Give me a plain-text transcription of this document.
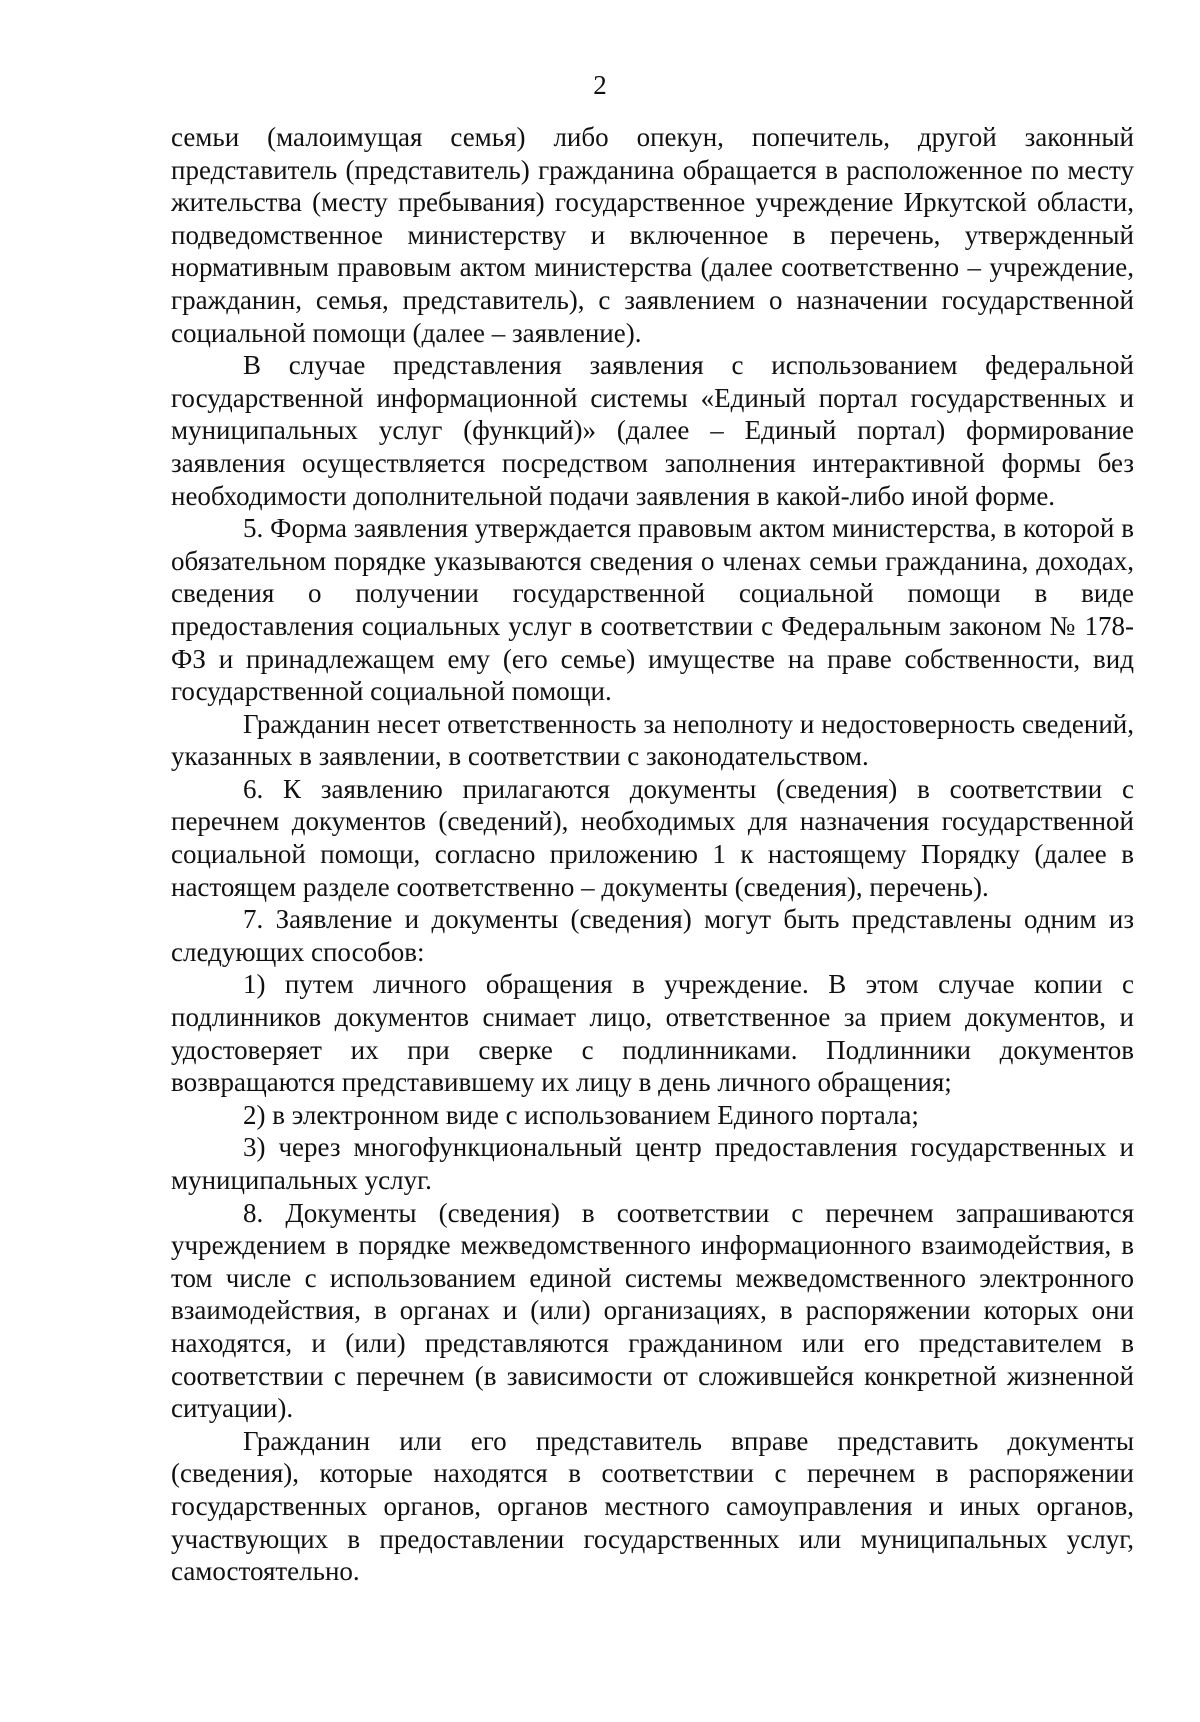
2

семьи (малоимущая семья) либо опекун, попечитель, другой законный представитель (представитель) гражданина обращается в расположенное по месту жительства (месту пребывания) государственное учреждение Иркутской области, подведомственное министерству и включенное в перечень, утвержденный нормативным правовым актом министерства (далее соответственно – учреждение, гражданин, семья, представитель), с заявлением о назначении государственной социальной помощи (далее – заявление).

В случае представления заявления с использованием федеральной государственной информационной системы «Единый портал государственных и муниципальных услуг (функций)» (далее – Единый портал) формирование заявления осуществляется посредством заполнения интерактивной формы без необходимости дополнительной подачи заявления в какой-либо иной форме.

5. Форма заявления утверждается правовым актом министерства, в которой в обязательном порядке указываются сведения о членах семьи гражданина, доходах, сведения о получении государственной социальной помощи в виде предоставления социальных услуг в соответствии с Федеральным законом № 178-ФЗ и принадлежащем ему (его семье) имуществе на праве собственности, вид государственной социальной помощи.

Гражданин несет ответственность за неполноту и недостоверность сведений, указанных в заявлении, в соответствии с законодательством.

6. К заявлению прилагаются документы (сведения) в соответствии с перечнем документов (сведений), необходимых для назначения государственной социальной помощи, согласно приложению 1 к настоящему Порядку (далее в настоящем разделе соответственно – документы (сведения), перечень).

7. Заявление и документы (сведения) могут быть представлены одним из следующих способов:

1) путем личного обращения в учреждение. В этом случае копии с подлинников документов снимает лицо, ответственное за прием документов, и удостоверяет их при сверке с подлинниками. Подлинники документов возвращаются представившему их лицу в день личного обращения;

2) в электронном виде с использованием Единого портала;

3) через многофункциональный центр предоставления государственных и муниципальных услуг.

8. Документы (сведения) в соответствии с перечнем запрашиваются учреждением в порядке межведомственного информационного взаимодействия, в том числе с использованием единой системы межведомственного электронного взаимодействия, в органах и (или) организациях, в распоряжении которых они находятся, и (или) представляются гражданином или его представителем в соответствии с перечнем (в зависимости от сложившейся конкретной жизненной ситуации).

Гражданин или его представитель вправе представить документы (сведения), которые находятся в соответствии с перечнем в распоряжении государственных органов, органов местного самоуправления и иных органов, участвующих в предоставлении государственных или муниципальных услуг, самостоятельно.
